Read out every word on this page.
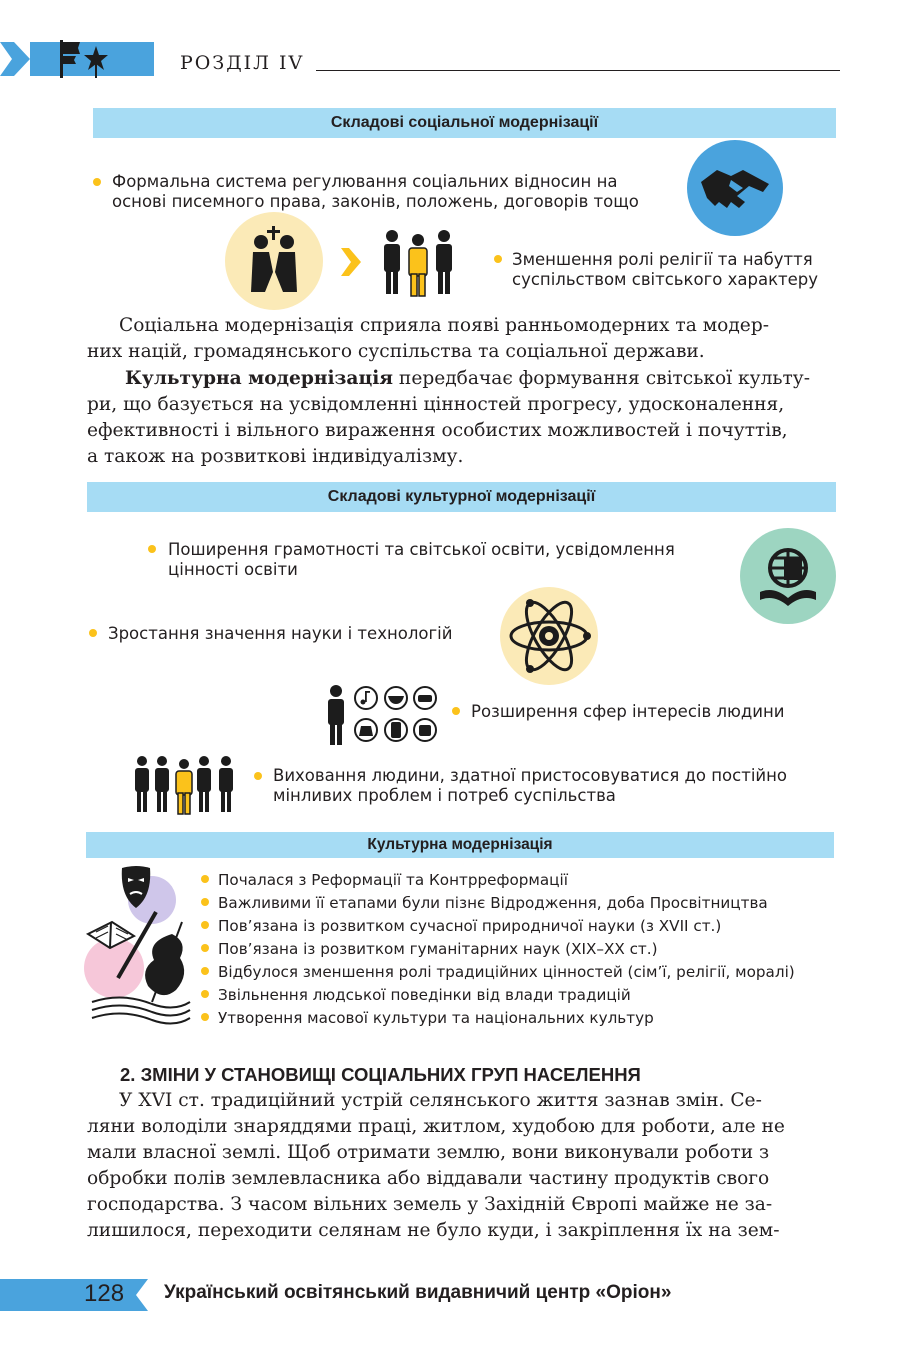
РОЗДІЛ IV
Складові соціальної модернізації
Формальна система регулювання соціальних відносин на
основі писемного права, законів, положень, договорів тощо
Зменшення ролі релігії та набуття
суспільством світського характеру
Соціальна модернізація сприяла появі ранньомодерних та модер-
них націй, громадянського суспільства та соціальної держави.
Культурна модернізація передбачає формування світської культу-
ри, що базується на усвідомленні цінностей прогресу, удосконалення,
ефективності і вільного вираження особистих можливостей і почуттів,
а також на розвиткові індивідуалізму.
Складові культурної модернізації
Поширення грамотності та світської освіти, усвідомлення
цінності освіти
Зростання значення науки і технологій
Розширення сфер інтересів людини
Виховання людини, здатної пристосовуватися до постійно
мінливих проблем і потреб суспільства
Культурна модернізація
Почалася з Реформації та Контрреформації
Важливими її етапами були пізнє Відродження, доба Просвітництва
Пов’язана із розвитком сучасної природничої науки (з XVII ст.)
Пов’язана із розвитком гуманітарних наук (XIX–XX ст.)
Відбулося зменшення ролі традиційних цінностей (сім’ї, релігії, моралі)
Звільнення людської поведінки від влади традицій
Утворення масової культури та національних культур
2. ЗМІНИ У СТАНОВИЩІ СОЦІАЛЬНИХ ГРУП НАСЕЛЕННЯ
У XVI ст. традиційний устрій селянського життя зазнав змін. Се-
ляни володіли знаряддями праці, житлом, худобою для роботи, але не
мали власної землі. Щоб отримати землю, вони виконували роботи з
обробки полів землевласника або віддавали частину продуктів свого
господарства. З часом вільних земель у Західній Європі майже не за-
лишилося, переходити селянам не було куди, і закріплення їх на зем-
128 Український освітянський видавничий центр «Оріон»
